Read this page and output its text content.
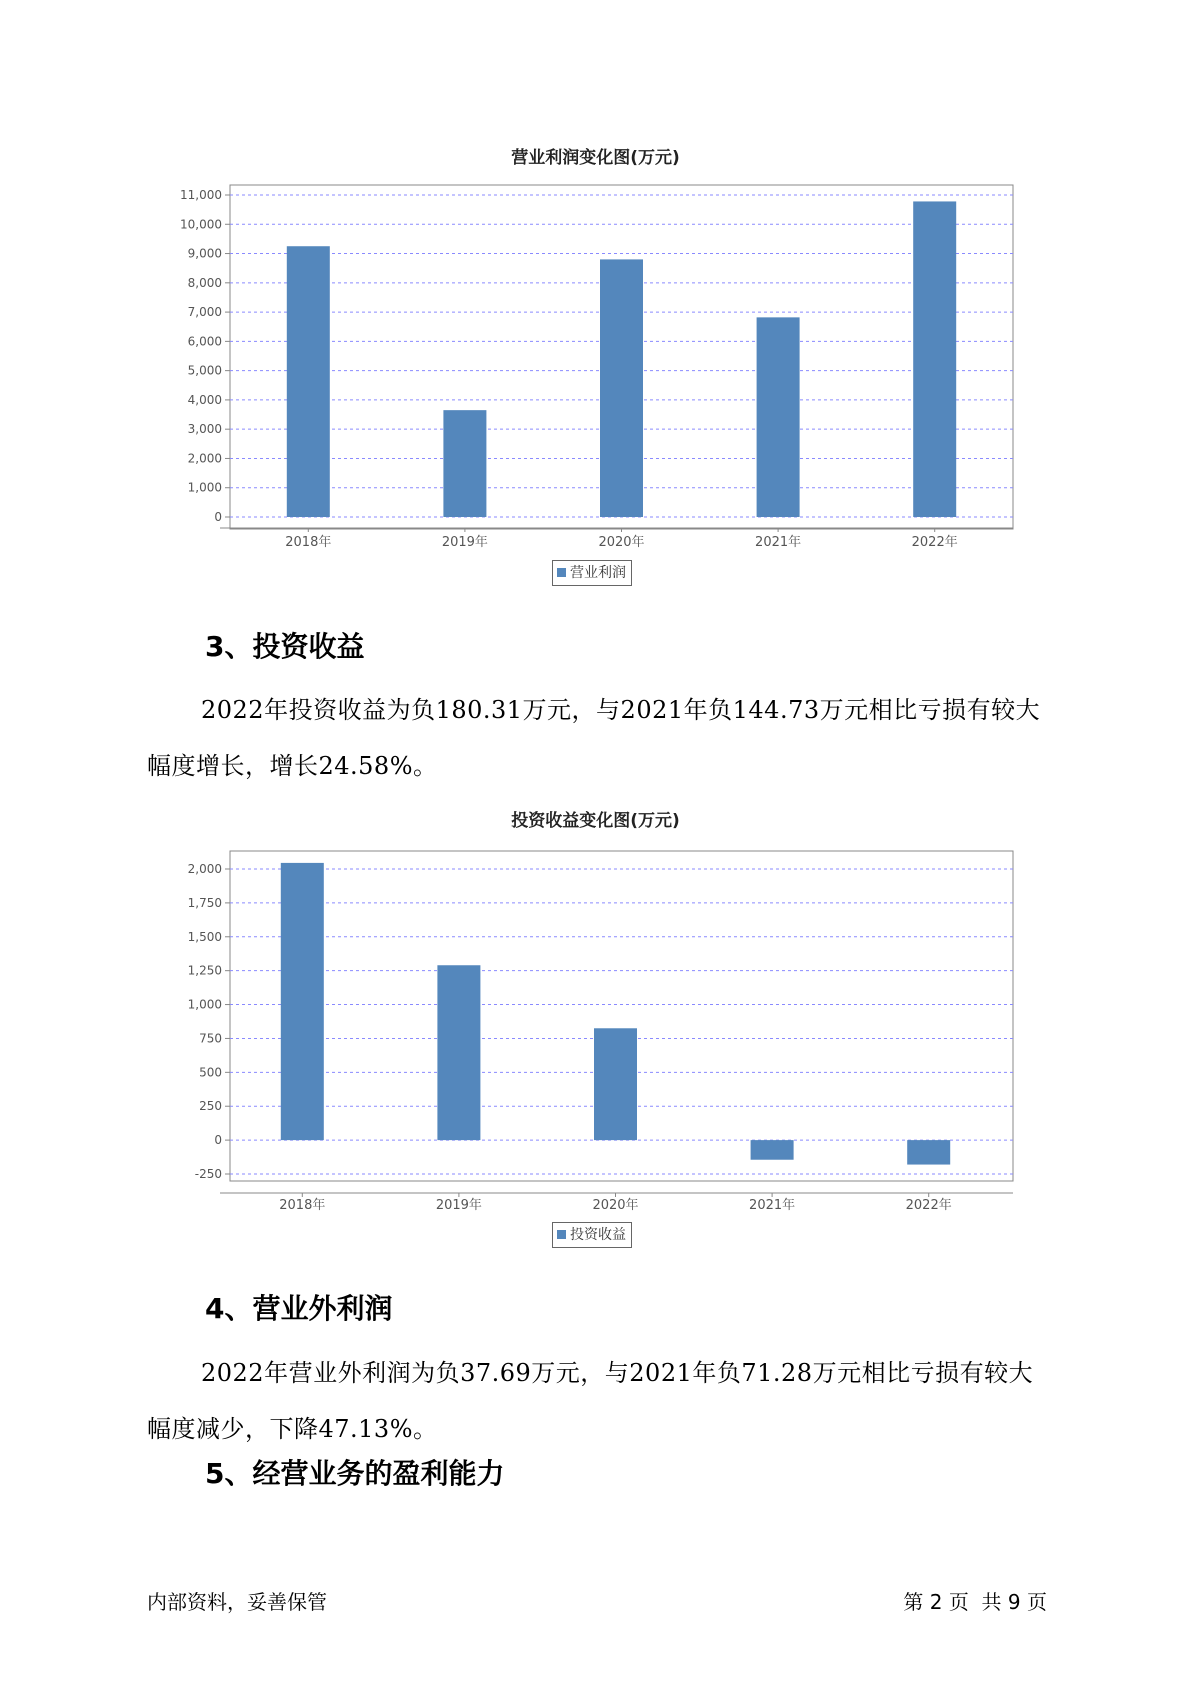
营业利润变化图(万元)
0
1,000
2,000
3,000
4,000
5,000
6,000
7,000
8,000
9,000
10,000
11,000
2018年	2019年	2020年	2021年	2022年
营业利润
3、投资收益

2022年投资收益为负180.31万元，与2021年负144.73万元相比亏损有较大幅度增长，增长24.58%。

投资收益变化图(万元)
-250
0
250
500
750
1,000
1,250
1,500
1,750
2,000
2018年	2019年	2020年	2021年	2022年
投资收益
4、营业外利润

2022年营业外利润为负37.69万元，与2021年负71.28万元相比亏损有较大幅度减少，下降47.13%。

5、经营业务的盈利能力
内部资料，妥善保管	第 2 页  共 9 页
